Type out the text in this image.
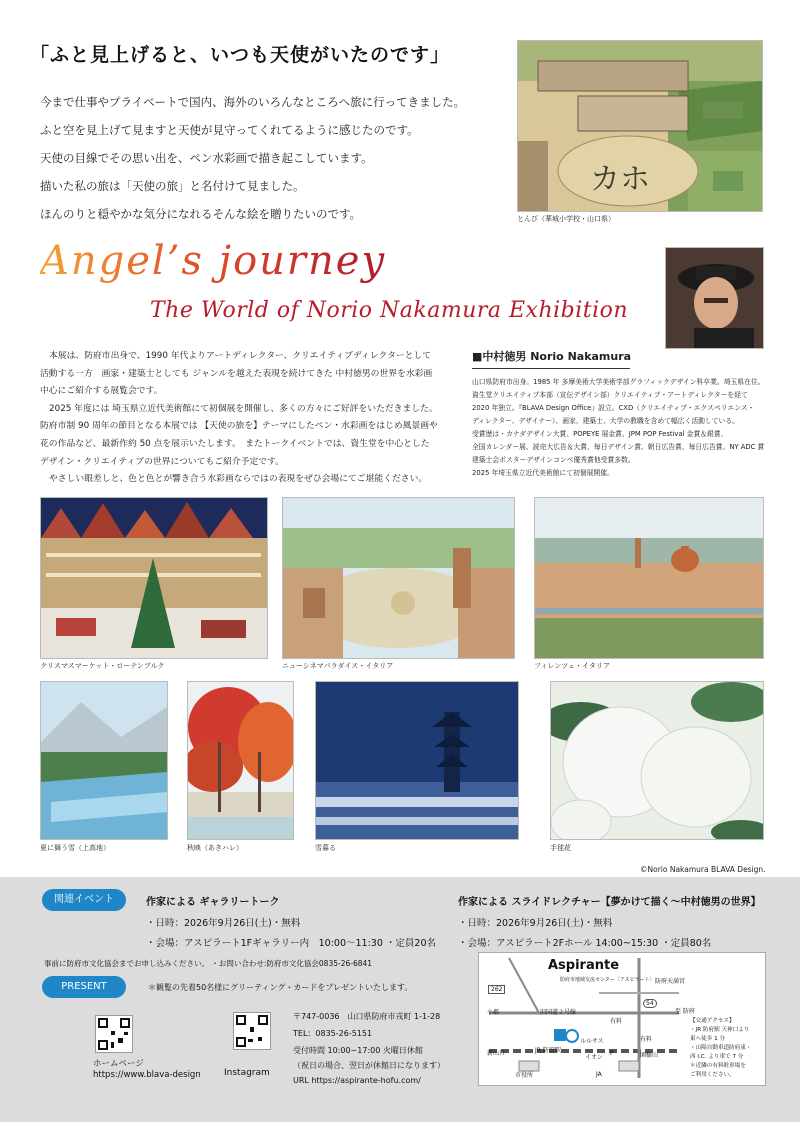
「ふと見上げると、いつも天使がいたのです」
今まで仕事やプライベートで国内、海外のいろんなところへ旅に行ってきました。
ふと空を見上げて見ますと天使が見守ってくれてるように感じたのです。
天使の目線でその思い出を、ペン水彩画で描き起こしています。
描いた私の旅は「天使の旅」と名付けて見ました。
ほんのりと穏やかな気分になれるそんな絵を贈りたいのです。
カホ
とんび（華城小学校・山口県）
Angel’s journey
The World of Norio Nakamura Exhibition
本展は、防府市出身で、1990 年代よりアートディレクター、クリエイティブディレクターとして
活動する一方　画家・建築士としても ジャンルを越えた表現を続けてきた 中村徳男の世界を水彩画
中心にご紹介する展覧会です。
2025 年度には 埼玉県立近代美術館にて初個展を開催し、多くの方々にご好評をいただきました。
防府市制 90 周年の節目となる本展では 【天使の旅を】テーマにしたペン・水彩画をはじめ風景画や
花の作品など、最新作約 50 点を展示いたします。　またトークイベントでは、資生堂を中心とした
デザイン・クリエイティブの世界についてもご紹介予定です。
やさしい眼差しと、色と色とが響き合う水彩画ならではの表現をぜひ会場にてご堪能ください。
■中村徳男 Norio Nakamura
山口県防府市出身。1985 年 多摩美術大学美術学部グラフィックデザイン科卒業。埼玉県在住。
資生堂クリエイティブ本部（宣伝デザイン部）クリエイティブ・アートディレクターを経て
2020 年独立。『BLAVA Design Office』設立。CXD（クリエイティブ・エクスペリエンス・
ディレクター、デザイナー）、画家、建築士、大学の教職を含めて幅広く活動している。
受賞歴は・カナダデザイン大賞、POPEYE 展金賞、JPM POP Festival 金賞＆銀賞、
全国カレンダー展、読売大広告＆大賞、毎日デザイン賞、朝日広告賞、毎日広告賞、NY ADC 賞
建築士会ポスターデザインコンペ優秀賞他受賞多数。
2025 年埼玉県立近代美術館にて初個展開催。
クリスマスマーケット・ローテンブルク	ニューシネマパラダイス・イタリア	フィレンツェ・イタリア
夏に舞う雪（上高地）	秋映（あきハレ）	雪暮る	手毬花
©Norio Nakamura BLAVA Design.
関連イベント	作家による ギャラリートーク
・日時：2026年9月26日(土)・無料
・会場：アスピラート1Fギャラリー内　10:00～11:30 ・定員20名
作家による スライドレクチャー【夢かけて描く～中村徳男の世界】
・日時：2026年9月26日(土)・無料
・会場：アスピラート2Fホール 14:00~15:30 ・定員80名
事前に防府市文化協会までお申し込みください。 ・お問い合わせ:防府市文化協会0835-26-6841
PRESENT	＊観覧の先着50名様にグリーティング・カードをプレゼントいたします。
ホームページ
https://www.blava-design	Instagram
〒747-0036　山口県防府市戎町 1-1-28
TEL：0835-26-5151
受付時間 10:00~17:00 火曜日休館
（祝日の場合、翌日が休館日になります）
URL https://aspirante-hofu.com/
Aspirante
防府市地域交流センター〔アスピラート〕
262
防府天満宮
54
小郡	旧国道２号線
有料
ルルサス	有料
JR 防府駅
新山口
至 防府
イオン
P	園樹山
市役所	JA
【交通アクセス】
・JR 防府駅 天神口より
東へ徒歩 1 分
・山陽自動車道防府東・
西 I.C. より車で 7 分
＊近隣の有料駐車場を
ご利用ください。
